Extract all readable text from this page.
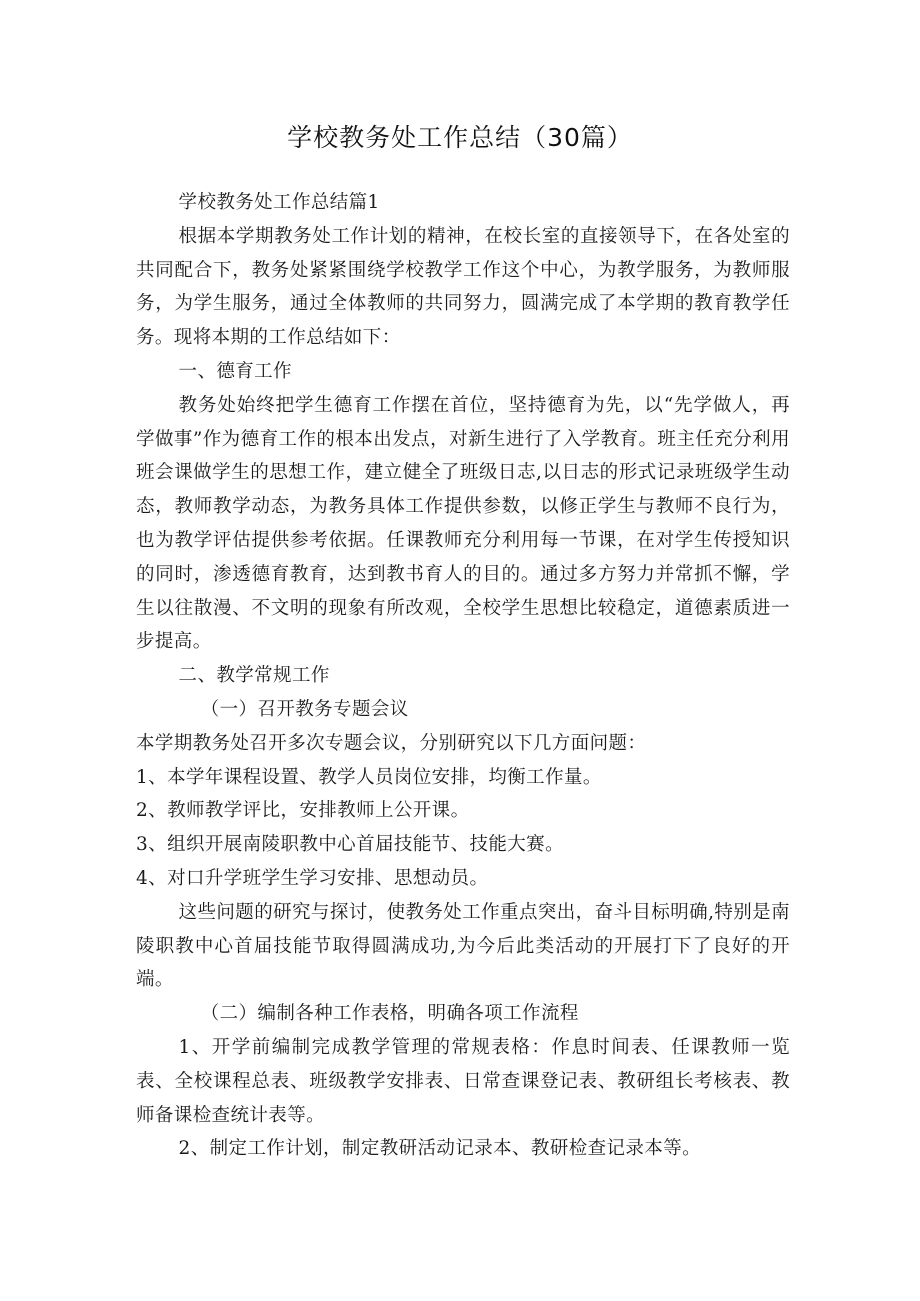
学校教务处工作总结（30篇）

学校教务处工作总结篇1

根据本学期教务处工作计划的精神，在校长室的直接领导下，在各处室的共同配合下，教务处紧紧围绕学校教学工作这个中心，为教学服务，为教师服务，为学生服务，通过全体教师的共同努力，圆满完成了本学期的教育教学任务。现将本期的工作总结如下：

一、德育工作

教务处始终把学生德育工作摆在首位，坚持德育为先，以“先学做人，再学做事”作为德育工作的根本出发点，对新生进行了入学教育。班主任充分利用班会课做学生的思想工作，建立健全了班级日志,以日志的形式记录班级学生动态，教师教学动态，为教务具体工作提供参数，以修正学生与教师不良行为，也为教学评估提供参考依据。任课教师充分利用每一节课，在对学生传授知识的同时，渗透德育教育，达到教书育人的目的。通过多方努力并常抓不懈，学生以往散漫、不文明的现象有所改观，全校学生思想比较稳定，道德素质进一步提高。

二、教学常规工作

（一）召开教务专题会议

本学期教务处召开多次专题会议，分别研究以下几方面问题：

1、本学年课程设置、教学人员岗位安排，均衡工作量。

2、教师教学评比，安排教师上公开课。

3、组织开展南陵职教中心首届技能节、技能大赛。

4、对口升学班学生学习安排、思想动员。

这些问题的研究与探讨，使教务处工作重点突出，奋斗目标明确,特别是南陵职教中心首届技能节取得圆满成功,为今后此类活动的开展打下了良好的开端。

（二）编制各种工作表格，明确各项工作流程

1、开学前编制完成教学管理的常规表格：作息时间表、任课教师一览表、全校课程总表、班级教学安排表、日常查课登记表、教研组长考核表、教师备课检查统计表等。

2、制定工作计划，制定教研活动记录本、教研检查记录本等。
